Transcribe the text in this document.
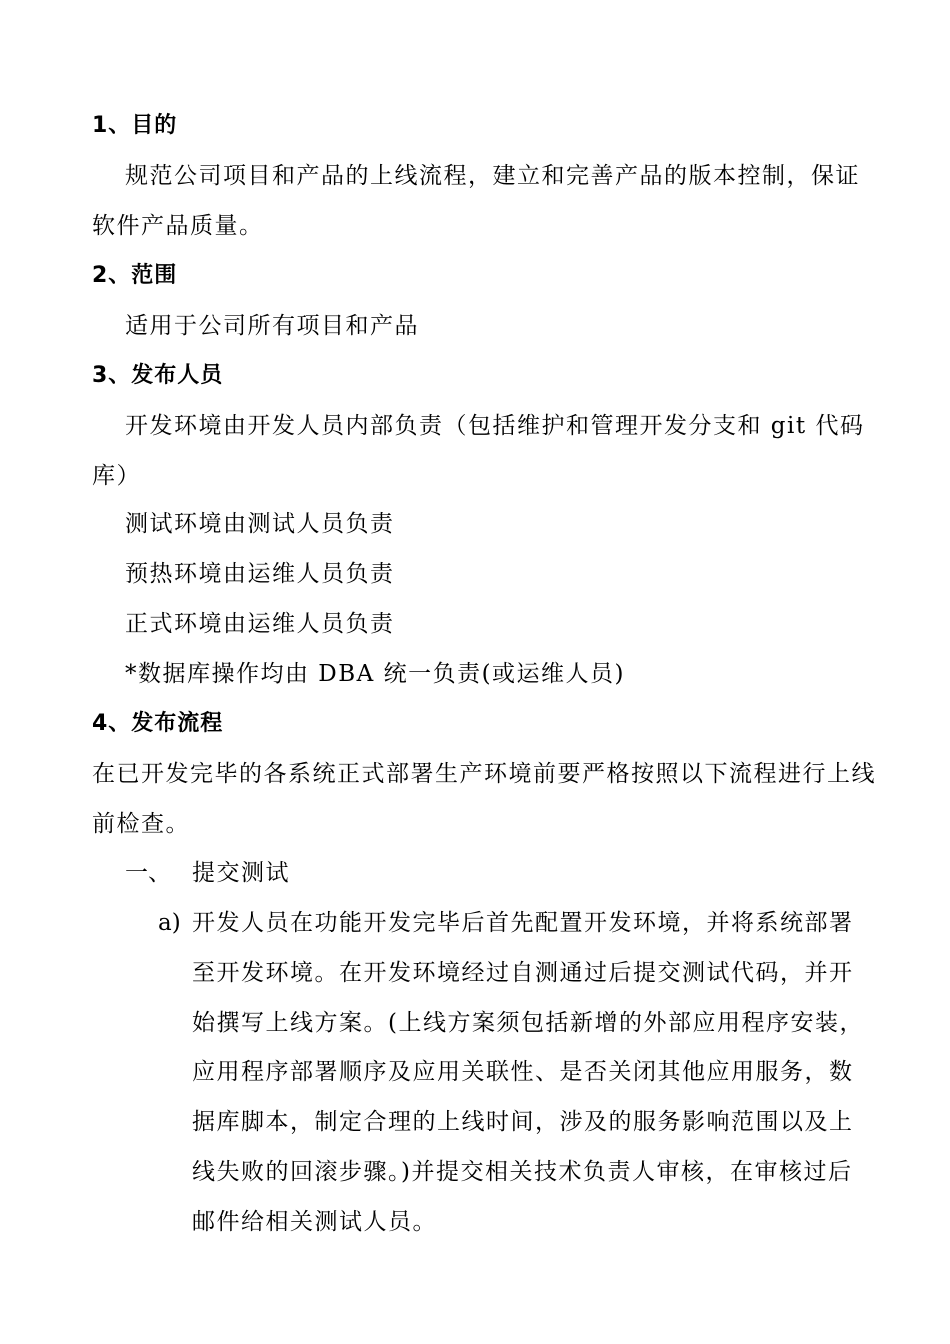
1、目的
规范公司项目和产品的上线流程，建立和完善产品的版本控制，保证
软件产品质量。
2、范围
适用于公司所有项目和产品
3、发布人员
开发环境由开发人员内部负责（包括维护和管理开发分支和 git 代码
库）
测试环境由测试人员负责
预热环境由运维人员负责
正式环境由运维人员负责
*数据库操作均由 DBA 统一负责(或运维人员)
4、发布流程
在已开发完毕的各系统正式部署生产环境前要严格按照以下流程进行上线
前检查。
一、 提交测试
a) 开发人员在功能开发完毕后首先配置开发环境，并将系统部署
至开发环境。在开发环境经过自测通过后提交测试代码，并开
始撰写上线方案。(上线方案须包括新增的外部应用程序安装，
应用程序部署顺序及应用关联性、是否关闭其他应用服务，数
据库脚本，制定合理的上线时间，涉及的服务影响范围以及上
线失败的回滚步骤。)并提交相关技术负责人审核，在审核过后
邮件给相关测试人员。
